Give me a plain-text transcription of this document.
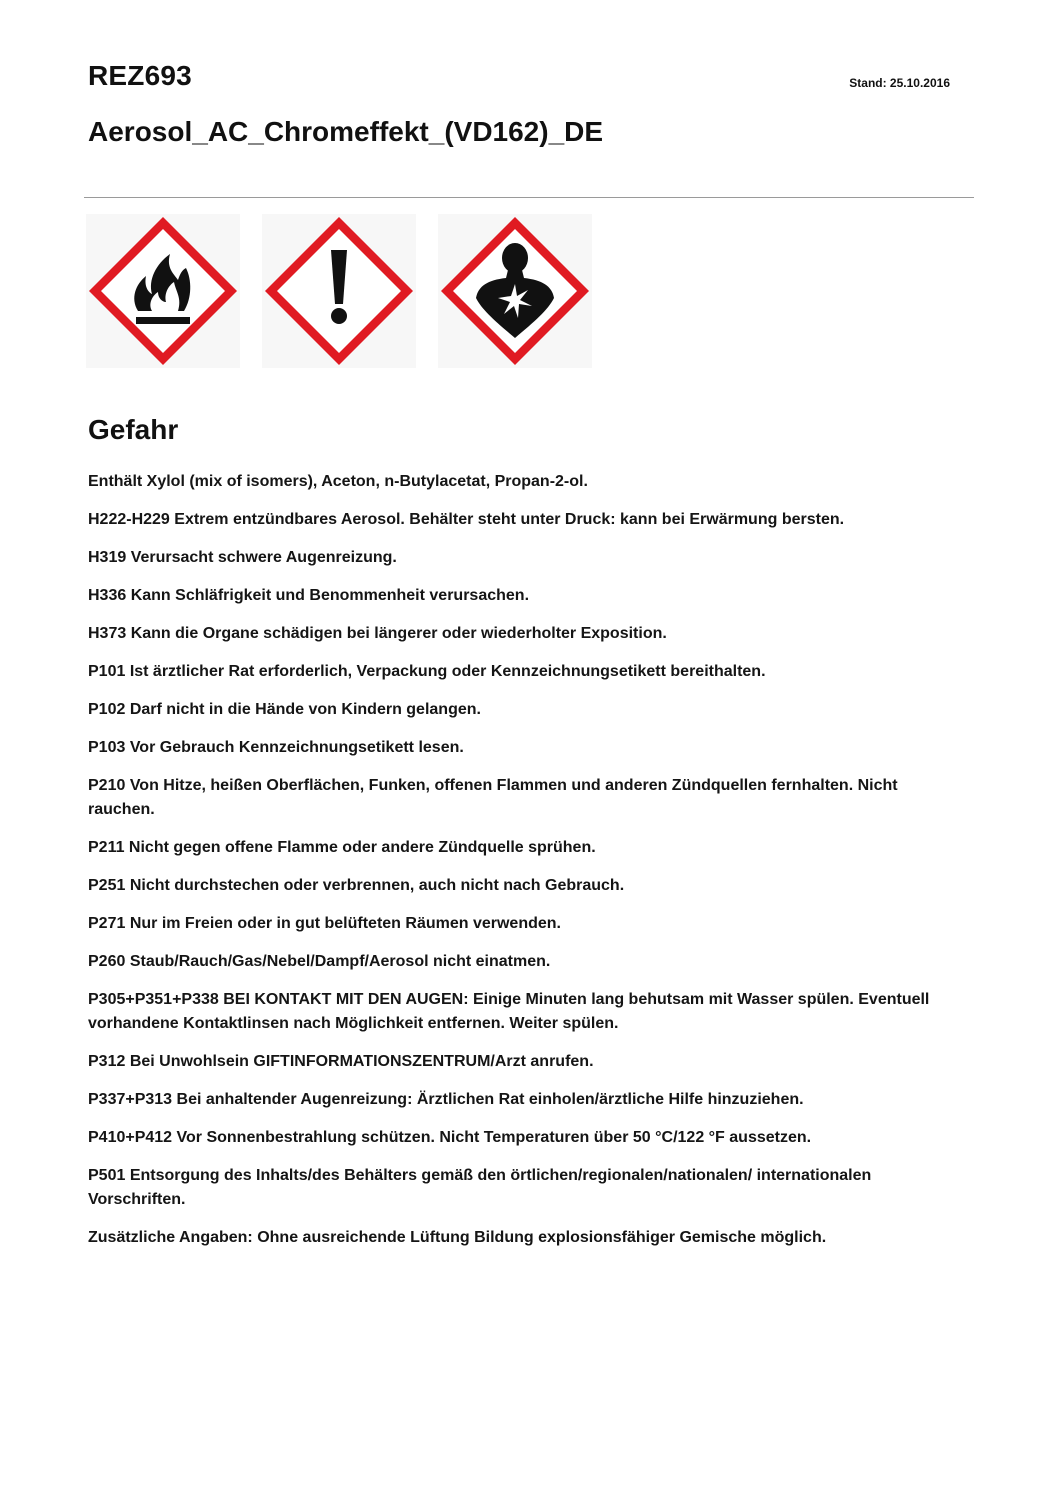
REZ693	Stand: 25.10.2016
Aerosol_AC_Chromeffekt_(VD162)_DE
Gefahr

Enthält Xylol (mix of isomers), Aceton, n-Butylacetat, Propan-2-ol.

H222-H229 Extrem entzündbares Aerosol. Behälter steht unter Druck: kann bei Erwärmung bersten.

H319 Verursacht schwere Augenreizung.

H336 Kann Schläfrigkeit und Benommenheit verursachen.

H373 Kann die Organe schädigen bei längerer oder wiederholter Exposition.

P101 Ist ärztlicher Rat erforderlich, Verpackung oder Kennzeichnungsetikett bereithalten.

P102 Darf nicht in die Hände von Kindern gelangen.

P103 Vor Gebrauch Kennzeichnungsetikett lesen.

P210 Von Hitze, heißen Oberflächen, Funken, offenen Flammen und anderen Zündquellen fernhalten. Nicht rauchen.

P211 Nicht gegen offene Flamme oder andere Zündquelle sprühen.

P251 Nicht durchstechen oder verbrennen, auch nicht nach Gebrauch.

P271 Nur im Freien oder in gut belüfteten Räumen verwenden.

P260 Staub/Rauch/Gas/Nebel/Dampf/Aerosol nicht einatmen.

P305+P351+P338 BEI KONTAKT MIT DEN AUGEN: Einige Minuten lang behutsam mit Wasser spülen. Eventuell vorhandene Kontaktlinsen nach Möglichkeit entfernen. Weiter spülen.

P312 Bei Unwohlsein GIFTINFORMATIONSZENTRUM/Arzt anrufen.

P337+P313 Bei anhaltender Augenreizung: Ärztlichen Rat einholen/ärztliche Hilfe hinzuziehen.

P410+P412 Vor Sonnenbestrahlung schützen. Nicht Temperaturen über 50 °C/122 °F aussetzen.

P501 Entsorgung des Inhalts/des Behälters gemäß den örtlichen/regionalen/nationalen/ internationalen Vorschriften.

Zusätzliche Angaben: Ohne ausreichende Lüftung Bildung explosionsfähiger Gemische möglich.
